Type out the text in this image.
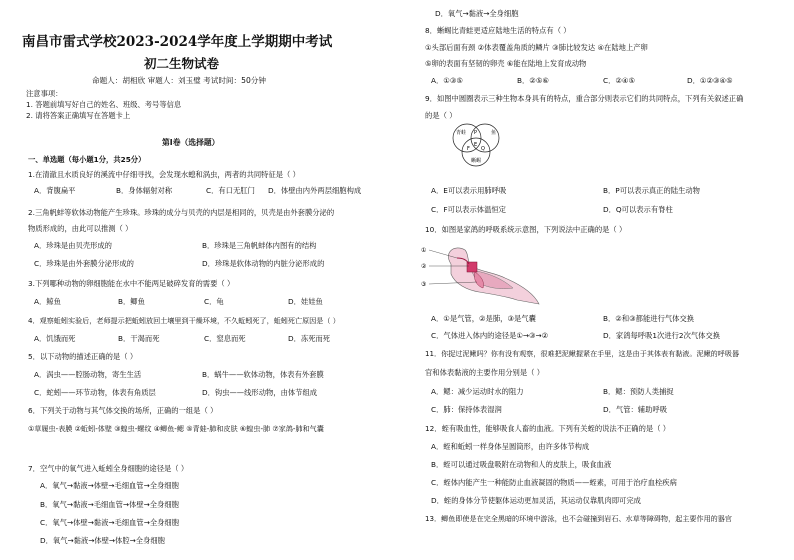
南昌市雷式学校2023-2024学年度上学期期中考试
初二生物试卷
命题人：胡相欣 审题人：刘玉璧 考试时间：50分钟
注意事项：
1. 答题前填写好自己的姓名、班级、考号等信息
2. 请将答案正确填写在答题卡上
第Ⅰ卷（选择题）
一、单选题（每小题1分，共25分）
1.在清澈且水质良好的溪流中仔细寻找，会发现水螅和涡虫，两者的共同特征是（ ）
A．背腹扁平	B．身体辐射对称	C．有口无肛门 D．体壁由内外两层细胞构成
2.三角帆蚌等软体动物能产生珍珠。珍珠的成分与贝壳的内层是相同的，贝壳是由外套膜分泌的
物质形成的，由此可以推测（ ）
A．珍珠是由贝壳形成的	B．珍珠是三角帆蚌体内图有的结构
C．珍珠是由外套膜分泌形成的	D．珍珠是软体动物的内脏分泌形成的
3.下列哪种动物的卵细胞能在水中不能两足破碎发育的需要（ ）
A．鲸鱼	B．鲫鱼	C．龟	D．娃娃鱼
4．观察蚯蚓实验后，老师提示把蚯蚓放回土壤里到干燥环境，不久蚯蚓死了，蚯蚓死亡原因是（ ）
A．饥饿而死	B．干渴而死	C．窒息而死	D．冻死而死
5．以下动物的描述正确的是（ ）
A．涡虫——腔肠动物，寄生生活	B．蜗牛——软体动物，体表有外套膜
C．蛇蚓——环节动物，体表有角质层	D．钩虫——线形动物，由体节组成
6．下列关于动物与其气体交换的场所，正确的一组是（ ）
①草履虫-表膜 ②蚯蚓-体壁 ③蝗虫-螺纹 ④鲫鱼-鳃 ⑤青蛙-肺和皮肤 ⑥蝗虫-肺 ⑦家鸽-肺和气囊
7．空气中的氧气进入蚯蚓全身细胞的途径是（ ）
A．氧气→黏液→体壁→毛细血管→全身细胞
B．氧气→黏液→毛细血管→体壁→全身细胞
C．氧气→体壁→黏液→毛细血管→全身细胞
D．氧气→黏液→体壁→体腔→全身细胞
D．氧气→黏液→全身细胞
8．蜥蜴比青蛙更适应陆地生活的特点有（ ）
①头部后面有颈 ②体表覆盖角质的鳞片 ③肺比较发达 ④在陆地上产卵
⑤卵的表面有坚韧的卵壳 ⑥能在陆地上发育成动物
A．①③⑤	B．②⑤⑥	C．②④⑤	D．①②③④⑤
9．如图中圆圈表示三种生物本身具有的特点，重合部分则表示它们的共同特点，下列有关叙述正确
的是（ ）
青蛙	鱼
蜥蜴
P
E
F Q
A．E可以表示用肺呼吸	B．P可以表示真正的陆生动物
C．F可以表示体温恒定	D．Q可以表示有脊柱
10．如图是家鸽的呼吸系统示意图，下列说法中正确的是（ ）
①
②
③
A．①是气管，②是肺，③是气囊	B．②和③都能进行气体交换
C．气体进入体内的途径是①→③→②	D．家鸽每呼吸1次进行2次气体交换
11．你捉过泥鳅吗？你有没有观察，很难把泥鳅握紧在手里，这是由于其体表有黏液。泥鳅的呼吸器
官和体表黏液的主要作用分别是（ ）
A．鳃：减少运动时水的阻力	B．鳃：预防人类捕捉
C．肺：保持体表湿润	D．气管：辅助呼吸
12．蛭有吸血性，能够吸食人畜的血液。下列有关蛭的说法不正确的是（ ）
A．蛭和蚯蚓一样身体呈圆筒形，由许多体节构成
B．蛭可以通过吸盘吸附在动物和人的皮肤上，吸食血液
C．蛭体内能产生一种能防止血液凝固的物质——蛭素，可用于治疗血栓疾病
D．蛭的身体分节使躯体运动更加灵活，其运动仅靠肌肉即可完成
13．鲫鱼即使是在完全黑暗的环境中游泳，也不会碰撞到岩石、水草等障碍物，起主要作用的器官
